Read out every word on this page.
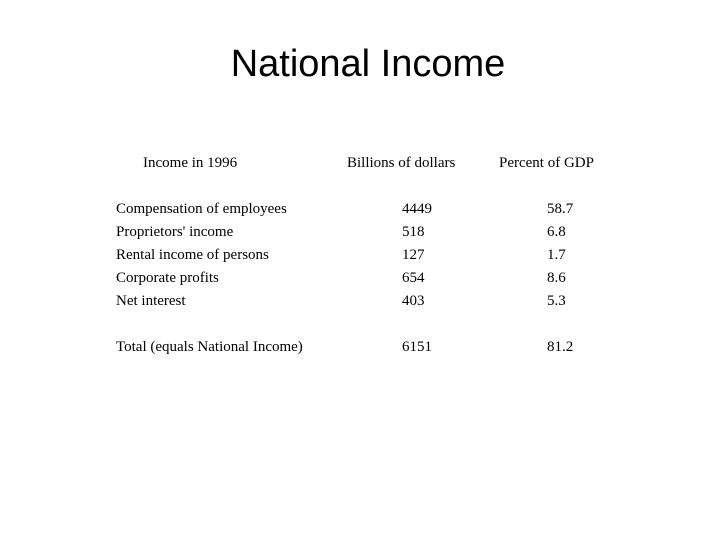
National Income
Income in 1996	Billions of dollars	Percent of GDP
Compensation of employees	4449	58.7
Proprietors' income	518	6.8
Rental income of persons	127	1.7
Corporate profits	654	8.6
Net interest	403	5.3
Total (equals National Income)	6151	81.2
